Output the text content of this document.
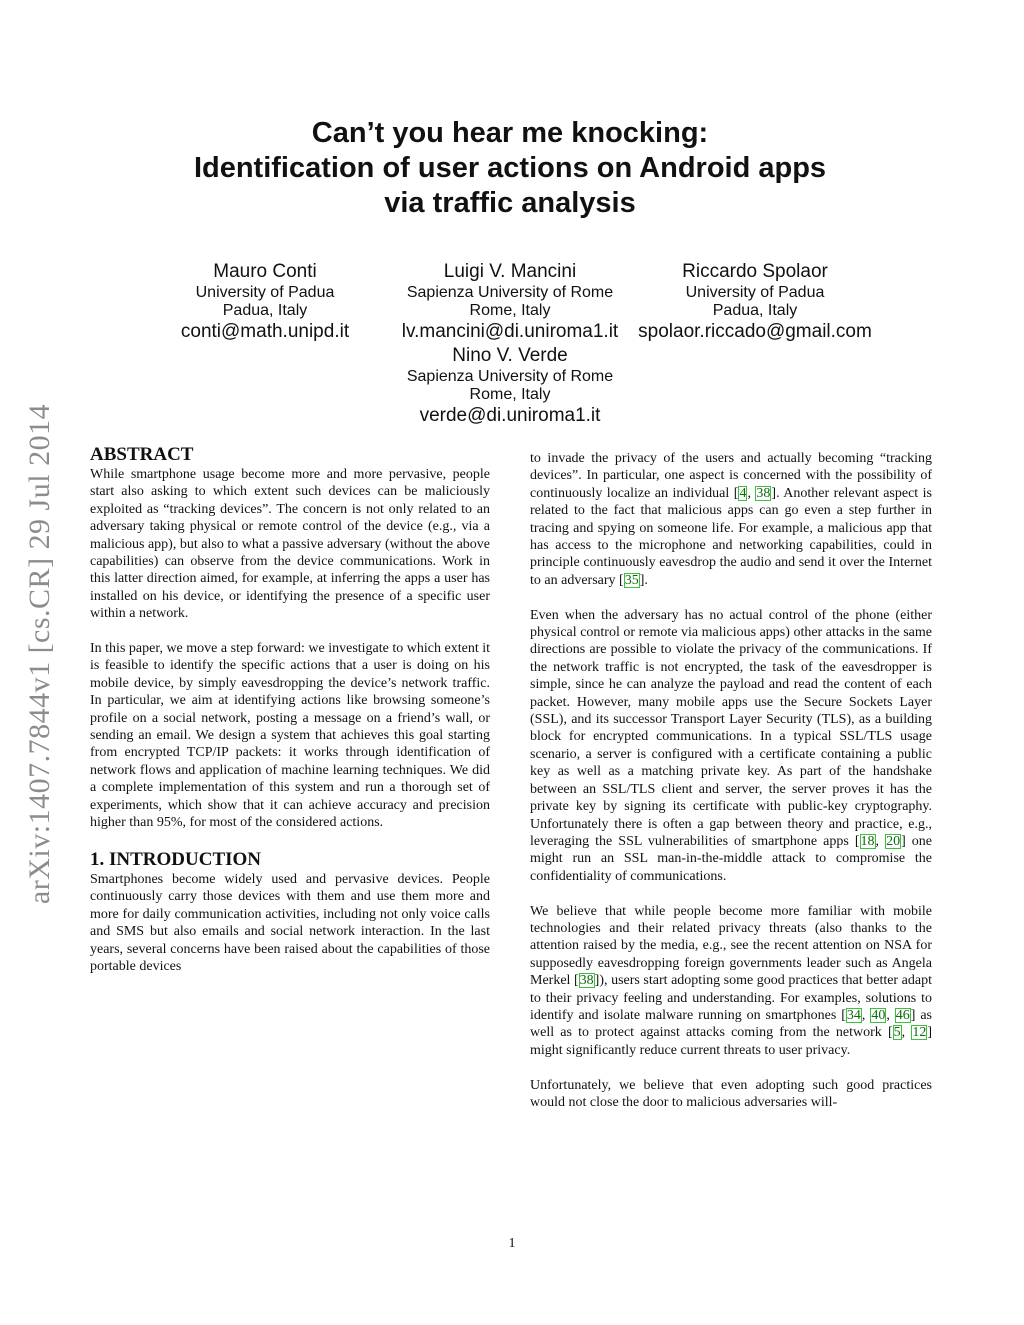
arXiv:1407.7844v1 [cs.CR] 29 Jul 2014
Can’t you hear me knocking:
Identification of user actions on Android apps
via traffic analysis
Mauro Conti
University of Padua
Padua, Italy
conti@math.unipd.it
Luigi V. Mancini
Sapienza University of Rome
Rome, Italy
lv.mancini@di.uniroma1.it
Riccardo Spolaor
University of Padua
Padua, Italy
spolaor.riccado@gmail.com
Nino V. Verde
Sapienza University of Rome
Rome, Italy
verde@di.uniroma1.it
ABSTRACT

While smartphone usage become more and more pervasive, people start also asking to which extent such devices can be maliciously exploited as “tracking devices”. The concern is not only related to an adversary taking physical or remote control of the device (e.g., via a malicious app), but also to what a passive adversary (without the above capabilities) can observe from the device communications. Work in this latter direction aimed, for example, at inferring the apps a user has installed on his device, or identifying the presence of a specific user within a network.

In this paper, we move a step forward: we investigate to which extent it is feasible to identify the specific actions that a user is doing on his mobile device, by simply eavesdropping the device’s network traffic. In particular, we aim at identifying actions like browsing someone’s profile on a social network, posting a message on a friend’s wall, or sending an email. We design a system that achieves this goal starting from encrypted TCP/IP packets: it works through identification of network flows and application of machine learning techniques. We did a complete implementation of this system and run a thorough set of experiments, which show that it can achieve accuracy and precision higher than 95%, for most of the considered actions.

1. INTRODUCTION

Smartphones become widely used and pervasive devices. People continuously carry those devices with them and use them more and more for daily communication activities, including not only voice calls and SMS but also emails and social network interaction. In the last years, several concerns have been raised about the capabilities of those portable devices

to invade the privacy of the users and actually becoming “tracking devices”. In particular, one aspect is concerned with the possibility of continuously localize an individual [4, 38]. Another relevant aspect is related to the fact that malicious apps can go even a step further in tracing and spying on someone life. For example, a malicious app that has access to the microphone and networking capabilities, could in principle continuously eavesdrop the audio and send it over the Internet to an adversary [35].

Even when the adversary has no actual control of the phone (either physical control or remote via malicious apps) other attacks in the same directions are possible to violate the privacy of the communications. If the network traffic is not encrypted, the task of the eavesdropper is simple, since he can analyze the payload and read the content of each packet. However, many mobile apps use the Secure Sockets Layer (SSL), and its successor Transport Layer Security (TLS), as a building block for encrypted communications. In a typical SSL/TLS usage scenario, a server is configured with a certificate containing a public key as well as a matching private key. As part of the handshake between an SSL/TLS client and server, the server proves it has the private key by signing its certificate with public-key cryptography. Unfortunately there is often a gap between theory and practice, e.g., leveraging the SSL vulnerabilities of smartphone apps [18, 20] one might run an SSL man-in-the-middle attack to compromise the confidentiality of communications.

We believe that while people become more familiar with mobile technologies and their related privacy threats (also thanks to the attention raised by the media, e.g., see the recent attention on NSA for supposedly eavesdropping foreign governments leader such as Angela Merkel [38]), users start adopting some good practices that better adapt to their privacy feeling and understanding. For examples, solutions to identify and isolate malware running on smartphones [34, 40, 46] as well as to protect against attacks coming from the network [5, 12] might significantly reduce current threats to user privacy.

Unfortunately, we believe that even adopting such good practices would not close the door to malicious adversaries will-

1
